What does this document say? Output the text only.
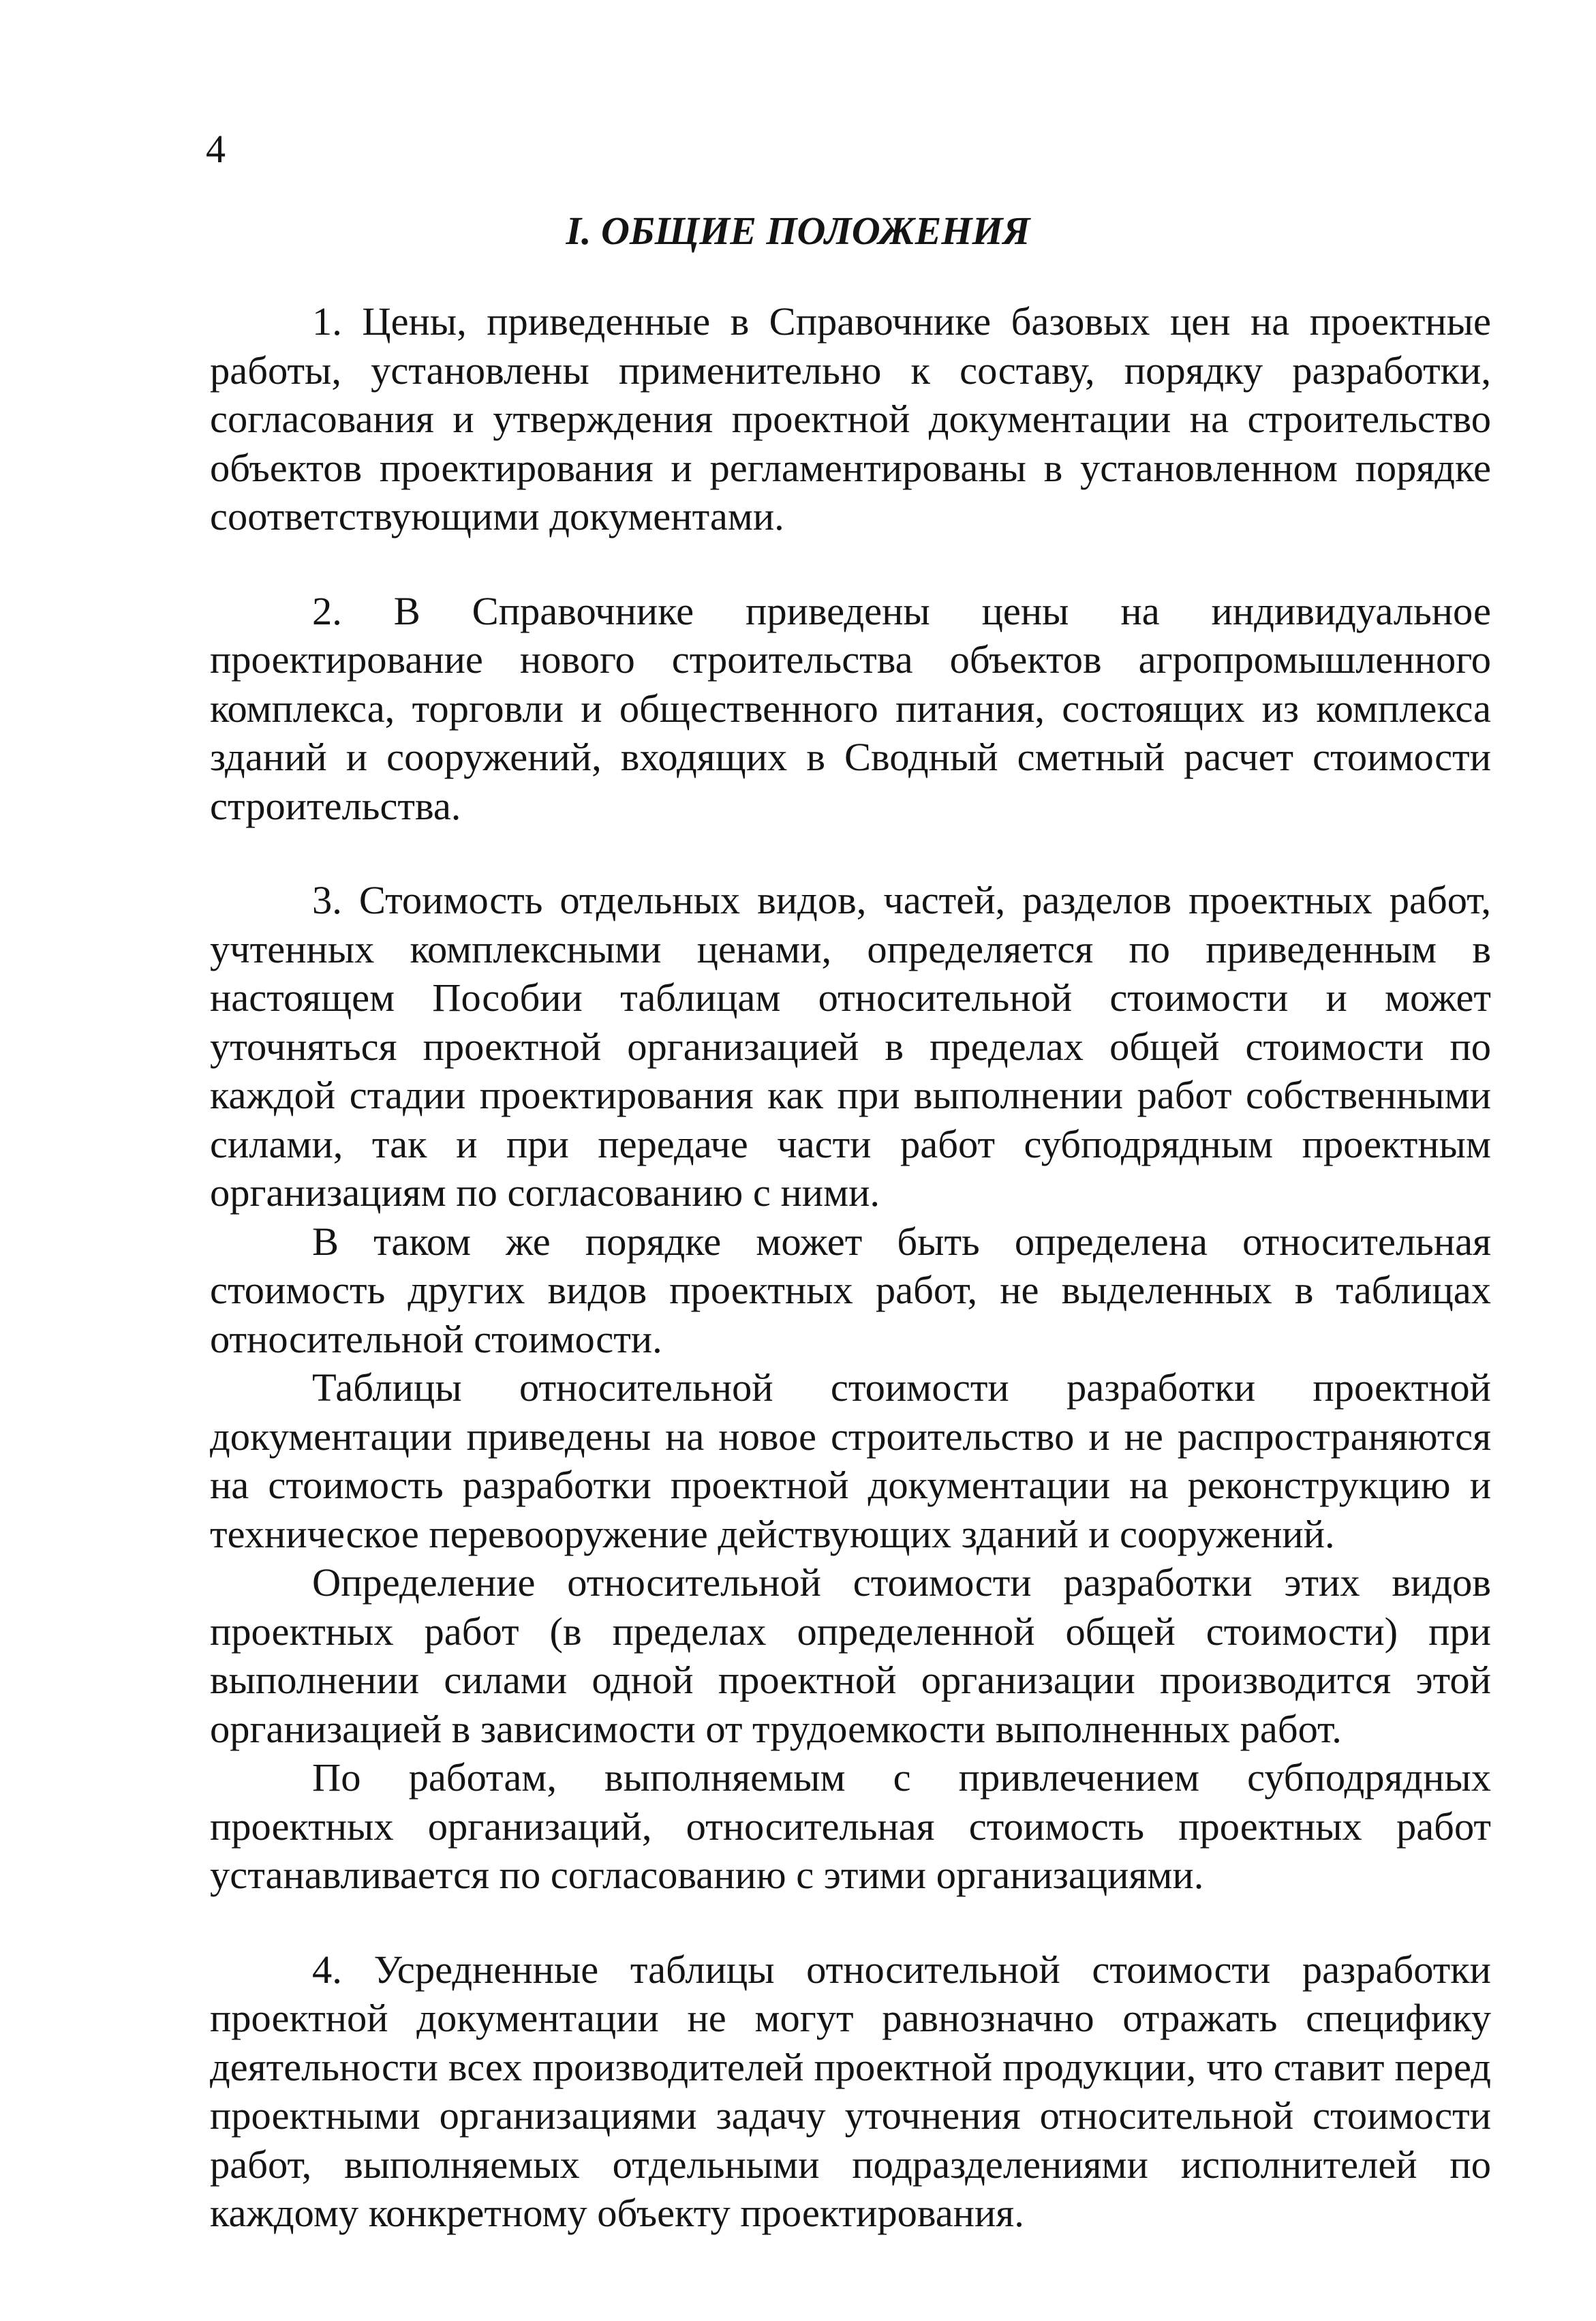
4

I. ОБЩИЕ ПОЛОЖЕНИЯ

1. Цены, приведенные в Справочнике базовых цен на проектные работы, установлены применительно к составу, порядку разработки, согласования и утверждения проектной документации на строительство объектов проектирования и регламентированы в установленном порядке соответствующими документами.

2. В Справочнике приведены цены на индивидуальное проектирование нового строительства объектов агропромышленного комплекса, торговли и общественного питания, состоящих из комплекса зданий и сооружений, входящих в Сводный сметный расчет стоимости строительства.

3. Стоимость отдельных видов, частей, разделов проектных работ, учтенных комплексными ценами, определяется по приведенным в настоящем Пособии таблицам относительной стоимости и может уточняться проектной организацией в пределах общей стоимости по каждой стадии проектирования как при выполнении работ собственными силами, так и при передаче части работ субподрядным проектным организациям по согласованию с ними.

В таком же порядке может быть определена относительная стоимость других видов проектных работ, не выделенных в таблицах относительной стоимости.

Таблицы относительной стоимости разработки проектной документации приведены на новое строительство и не распространяются на стоимость разработки проектной документации на реконструкцию и техническое перевооружение действующих зданий и сооружений.

Определение относительной стоимости разработки этих видов проектных работ (в пределах определенной общей стоимости) при выполнении силами одной проектной организации производится этой организацией в зависимости от трудоемкости выполненных работ.

По работам, выполняемым с привлечением субподрядных проектных организаций, относительная стоимость проектных работ устанавливается по согласованию с этими организациями.

4. Усредненные таблицы относительной стоимости разработки проектной документации не могут равнозначно отражать специфику деятельности всех производителей проектной продукции, что ставит перед проектными организациями задачу уточнения относительной стоимости работ, выполняемых отдельными подразделениями исполнителей по каждому конкретному объекту проектирования.
